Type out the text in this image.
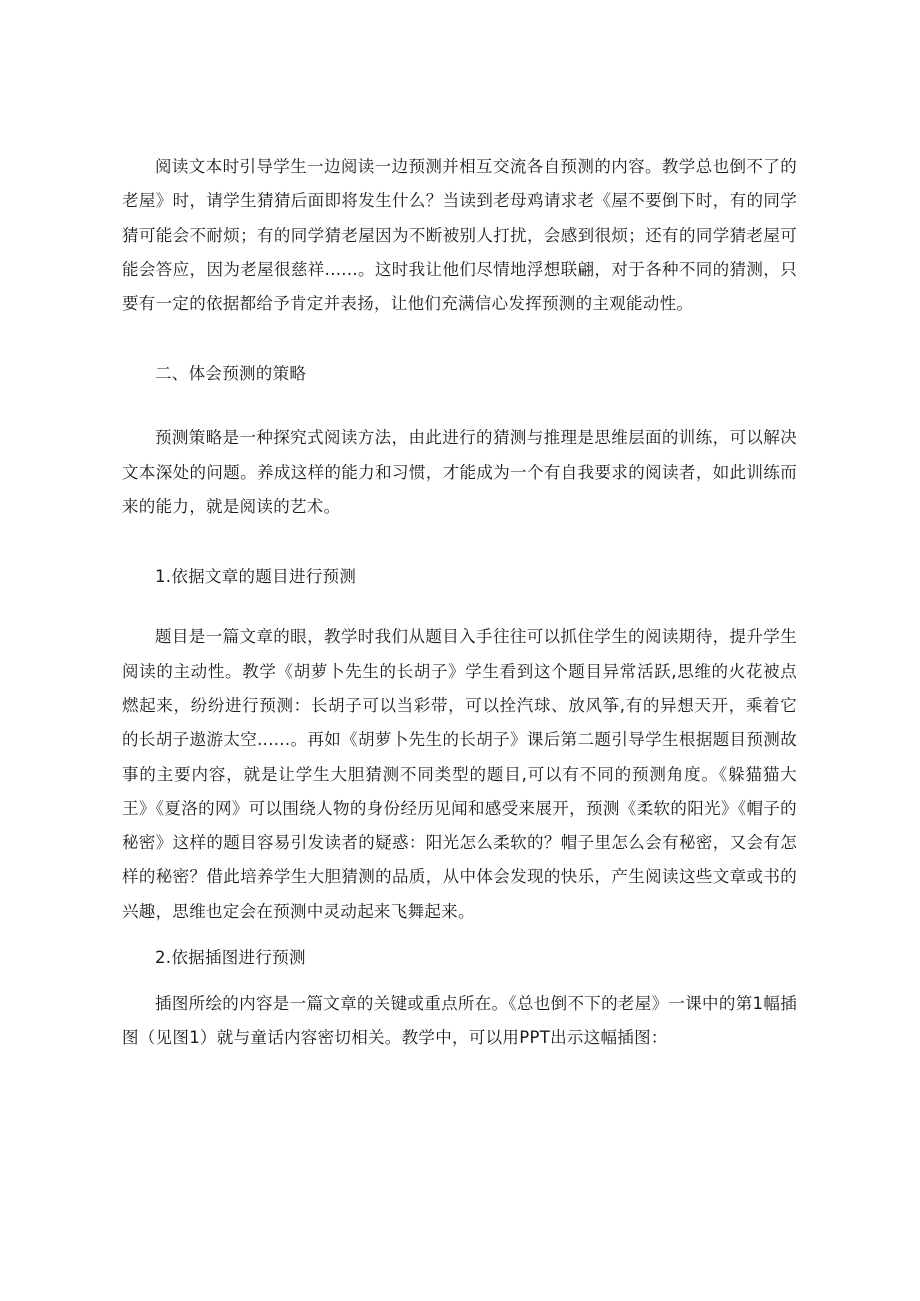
阅读文本时引导学生一边阅读一边预测并相互交流各自预测的内容。教学总也倒不了的老屋》时，请学生猜猜后面即将发生什么？当读到老母鸡请求老《屋不要倒下时，有的同学猜可能会不耐烦；有的同学猜老屋因为不断被别人打扰，会感到很烦；还有的同学猜老屋可能会答应，因为老屋很慈祥......。这时我让他们尽情地浮想联翩，对于各种不同的猜测，只要有一定的依据都给予肯定并表扬，让他们充满信心发挥预测的主观能动性。

二、体会预测的策略

预测策略是一种探究式阅读方法，由此进行的猜测与推理是思维层面的训练，可以解决文本深处的问题。养成这样的能力和习惯，才能成为一个有自我要求的阅读者，如此训练而来的能力，就是阅读的艺术。

1.依据文章的题目进行预测

题目是一篇文章的眼，教学时我们从题目入手往往可以抓住学生的阅读期待，提升学生阅读的主动性。教学《胡萝卜先生的长胡子》学生看到这个题目异常活跃,思维的火花被点燃起来，纷纷进行预测：长胡子可以当彩带，可以拴汽球、放风筝,有的异想天开，乘着它的长胡子遨游太空......。再如《胡萝卜先生的长胡子》课后第二题引导学生根据题目预测故事的主要内容，就是让学生大胆猜测不同类型的题目,可以有不同的预测角度。《躲猫猫大王》《夏洛的网》可以围绕人物的身份经历见闻和感受来展开，预测《柔软的阳光》《帽子的秘密》这样的题目容易引发读者的疑惑：阳光怎么柔软的？帽子里怎么会有秘密，又会有怎样的秘密？借此培养学生大胆猜测的品质，从中体会发现的快乐，产生阅读这些文章或书的兴趣，思维也定会在预测中灵动起来飞舞起来。

2.依据插图进行预测

插图所绘的内容是一篇文章的关键或重点所在。《总也倒不下的老屋》一课中的第1幅插图（见图1）就与童话内容密切相关。教学中，可以用PPT出示这幅插图：
